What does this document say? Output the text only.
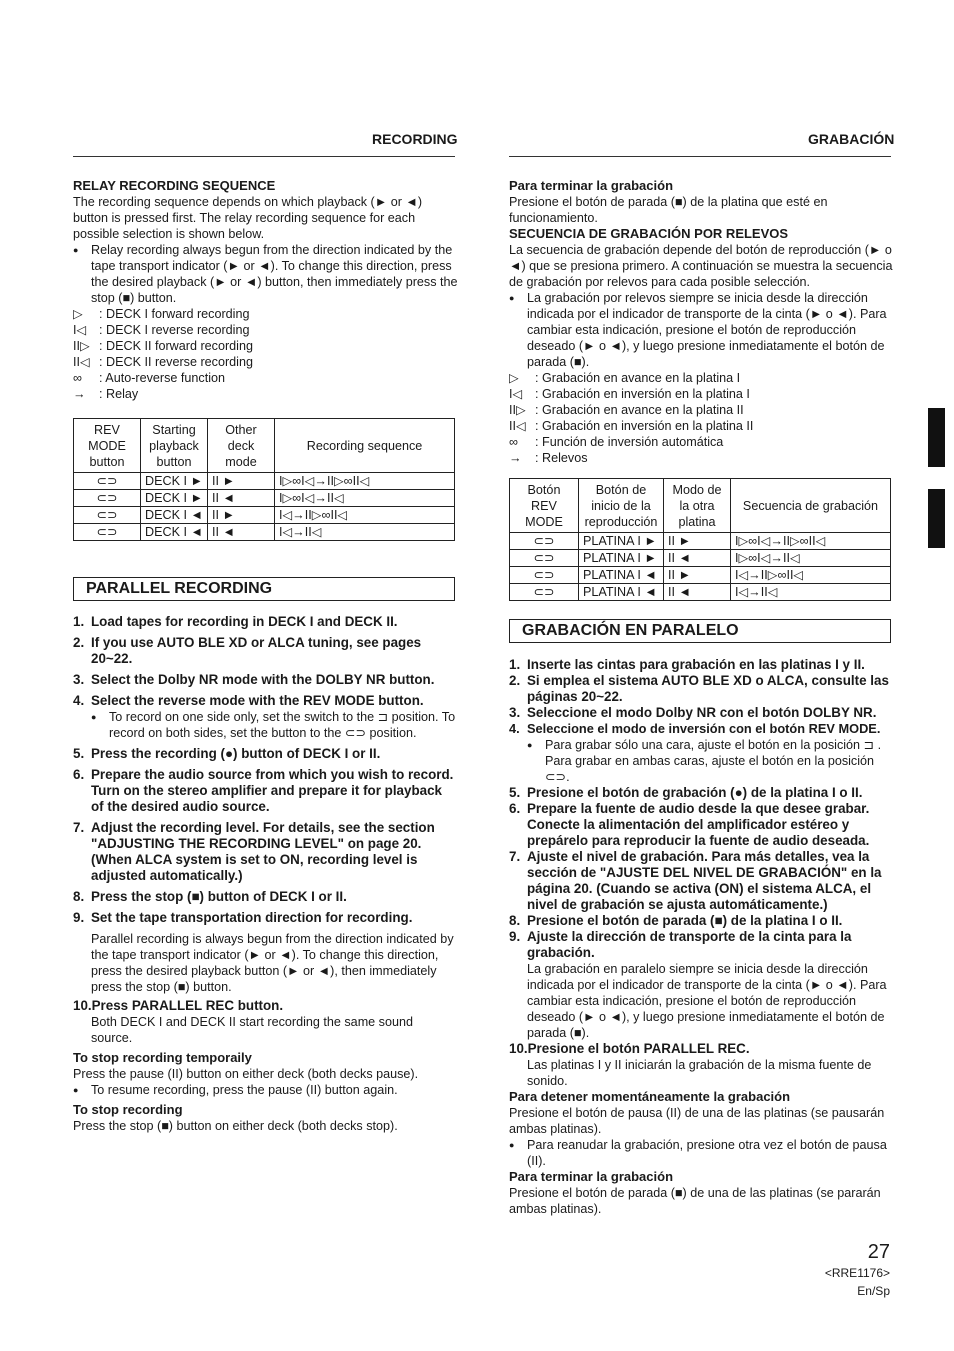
RECORDING

RELAY RECORDING SEQUENCE

The recording sequence depends on which playback (► or ◄) button is pressed first. The relay recording sequence for each possible selection is shown below.

● Relay recording always begun from the direction indicated by the tape transport indicator (► or ◄). To change this direction, press the desired playback (► or ◄) button, then immediately press the stop (■) button.

▷	: DECK I forward recording
I◁	: DECK I reverse recording
II▷ : DECK II forward recording
II◁ : DECK II reverse recording
∞	: Auto-reverse function
→	: Relay
REV MODE button	Starting playback button	Other deck mode	Recording sequence
⊂⊃	DECK I ►	II ►	I▷∞I◁→II▷∞II◁
⊂⊃	DECK I ►	II ◄	I▷∞I◁→II◁
⊂⊃	DECK I ◄	II ►	I◁→II▷∞II◁
⊂⊃	DECK I ◄	II ◄	I◁→II◁
PARALLEL RECORDING
1. Load tapes for recording in DECK I and DECK II.
2. If you use AUTO BLE XD or ALCA tuning, see pages 20~22.
3. Select the Dolby NR mode with the DOLBY NR button.
4. Select the reverse mode with the REV MODE button.

● To record on one side only, set the switch to the ⊐ position. To record on both sides, set the button to the ⊂⊃ position.

5. Press the recording (●) button of DECK I or II.
6. Prepare the audio source from which you wish to record. Turn on the stereo amplifier and prepare it for playback of the desired audio source.
7. Adjust the recording level. For details, see the section "ADJUSTING THE RECORDING LEVEL" on page 20. (When ALCA system is set to ON, recording level is adjusted automatically.)
8. Press the stop (■) button of DECK I or II.
9. Set the tape transportation direction for recording.

Parallel recording is always begun from the direction indicated by the tape transport indicator (► or ◄). To change this direction, press the desired playback button (► or ◄), then immediately press the stop (■) button.

10.Press PARALLEL REC button.

Both DECK I and DECK II start recording the same sound source.

To stop recording temporaily

Press the pause (II) button on either deck (both decks pause).

● To resume recording, press the pause (II) button again.

To stop recording

Press the stop (■) button on either deck (both decks stop).

GRABACIÓN

Para terminar la grabación

Presione el botón de parada (■) de la platina que esté en funcionamiento.

SECUENCIA DE GRABACIÓN POR RELEVOS

La secuencia de grabación depende del botón de reproducción (► o ◄) que se presiona primero. A continuación se muestra la secuencia de grabación por relevos para cada posible selección.

● La grabación por relevos siempre se inicia desde la dirección indicada por el indicador de transporte de la cinta (► o ◄). Para cambiar esta indicación, presione el botón de reproducción deseado (► o ◄), y luego presione inmediatamente el botón de parada (■).

▷	: Grabación en avance en la platina I
I◁	: Grabación en inversión en la platina I
II▷ : Grabación en avance en la platina II
II◁ : Grabación en inversión en la platina II
∞	: Función de inversión automática
→	: Relevos
Botón REV MODE	Botón de inicio de la reproducción	Modo de la otra platina	Secuencia de grabación
⊂⊃	PLATINA I ►	II ►	I▷∞I◁→II▷∞II◁
⊂⊃	PLATINA I ►	II ◄	I▷∞I◁→II◁
⊂⊃	PLATINA I ◄	II ►	I◁→II▷∞II◁
⊂⊃	PLATINA I ◄	II ◄	I◁→II◁
GRABACIÓN EN PARALELO
1. Inserte las cintas para grabación en las platinas I y II.
2. Si emplea el sistema AUTO BLE XD o ALCA, consulte las páginas 20~22.
3. Seleccione el modo Dolby NR con el botón DOLBY NR.
4. Seleccione el modo de inversión con el botón REV MODE.

● Para grabar sólo una cara, ajuste el botón en la posición ⊐ . Para grabar en ambas caras, ajuste el botón en la posición ⊂⊃.

5. Presione el botón de grabación (●) de la platina I o II.
6. Prepare la fuente de audio desde la que desee grabar. Conecte la alimentación del amplificador estéreo y prepárelo para reproducir la fuente de audio deseada.
7. Ajuste el nivel de grabación. Para más detalles, vea la sección de "AJUSTE DEL NIVEL DE GRABACIÓN" en la página 20. (Cuando se activa (ON) el sistema ALCA, el nivel de grabación se ajusta automáticamente.)
8. Presione el botón de parada (■) de la platina I o II.
9. Ajuste la dirección de transporte de la cinta para la grabación.

La grabación en paralelo siempre se inicia desde la dirección indicada por el indicador de transporte de la cinta (► o ◄). Para cambiar esta indicación, presione el botón de reproducción deseado (► o ◄), y luego presione inmediatamente el botón de parada (■).

10.Presione el botón PARALLEL REC.

Las platinas I y II iniciarán la grabación de la misma fuente de sonido.

Para detener momentáneamente la grabación

Presione el botón de pausa (II) de una de las platinas (se pausarán ambas platinas).

● Para reanudar la grabación, presione otra vez el botón de pausa (II).

Para terminar la grabación

Presione el botón de parada (■) de una de las platinas (se pararán ambas platinas).

27
<RRE1176>
En/Sp
